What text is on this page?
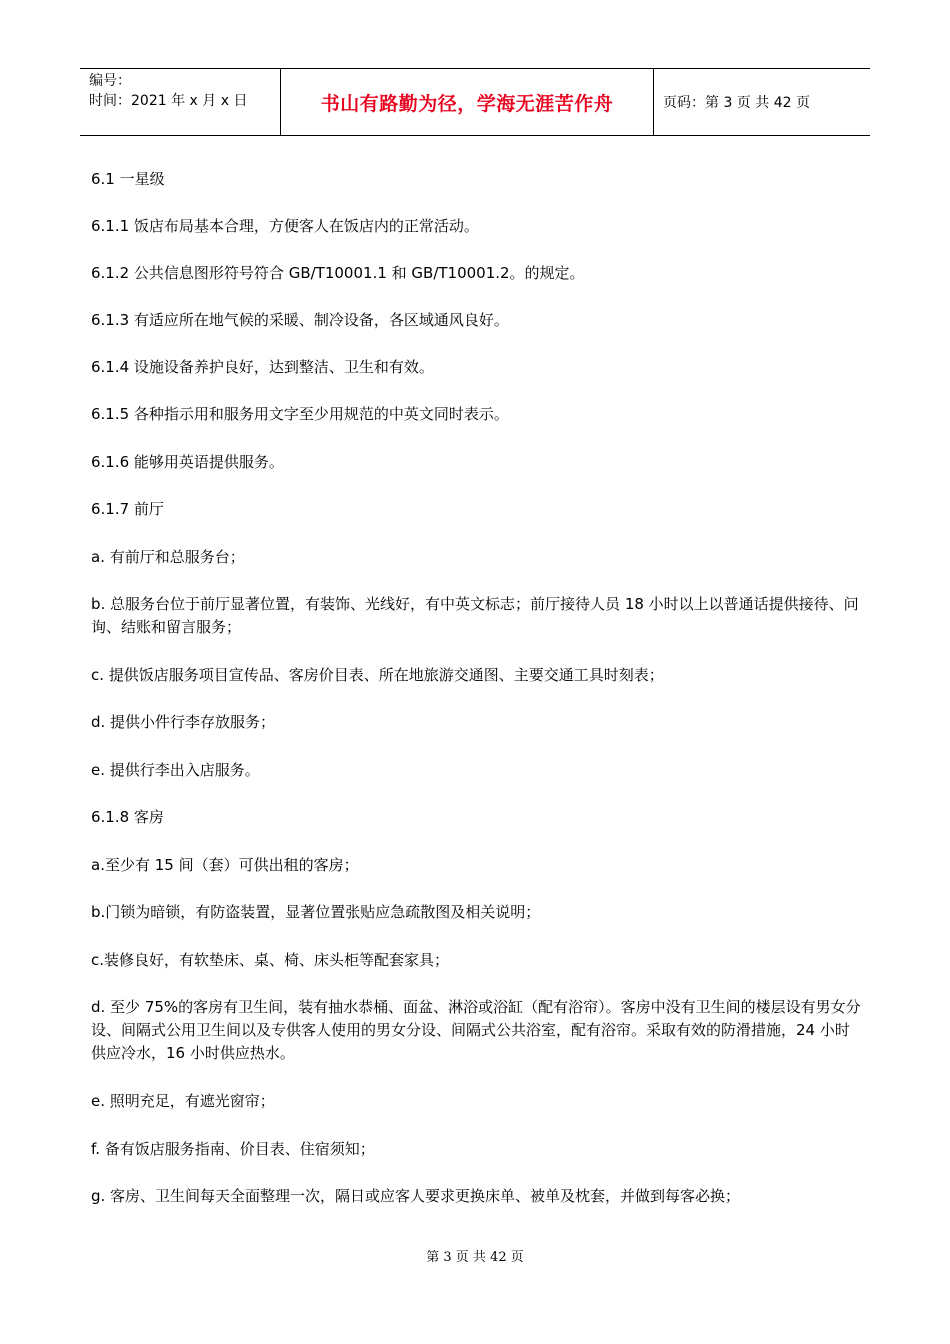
编号：
时间：2021 年 x 月 x 日	书山有路勤为径，学海无涯苦作舟	页码：第 3 页 共 42 页

6.1 一星级

6.1.1 饭店布局基本合理，方便客人在饭店内的正常活动。

6.1.2 公共信息图形符号符合 GB/T10001.1 和 GB/T10001.2。的规定。

6.1.3 有适应所在地气候的采暖、制冷设备，各区域通风良好。

6.1.4 设施设备养护良好，达到整洁、卫生和有效。

6.1.5 各种指示用和服务用文字至少用规范的中英文同时表示。

6.1.6 能够用英语提供服务。

6.1.7 前厅

a. 有前厅和总服务台；

b. 总服务台位于前厅显著位置，有装饰、光线好，有中英文标志；前厅接待人员 18 小时以上以普通话提供接待、问询、结账和留言服务；

c. 提供饭店服务项目宣传品、客房价目表、所在地旅游交通图、主要交通工具时刻表；

d. 提供小件行李存放服务；

e. 提供行李出入店服务。

6.1.8 客房

a.至少有 15 间（套）可供出租的客房；

b.门锁为暗锁，有防盗装置，显著位置张贴应急疏散图及相关说明；

c.装修良好，有软垫床、桌、椅、床头柜等配套家具；

d. 至少 75%的客房有卫生间，装有抽水恭桶、面盆、淋浴或浴缸（配有浴帘）。客房中没有卫生间的楼层设有男女分设、间隔式公用卫生间以及专供客人使用的男女分设、间隔式公共浴室，配有浴帘。采取有效的防滑措施，24 小时供应冷水，16 小时供应热水。

e. 照明充足，有遮光窗帘；

f. 备有饭店服务指南、价目表、住宿须知；

g. 客房、卫生间每天全面整理一次，隔日或应客人要求更换床单、被单及枕套，并做到每客必换；

第 3 页 共 42 页
